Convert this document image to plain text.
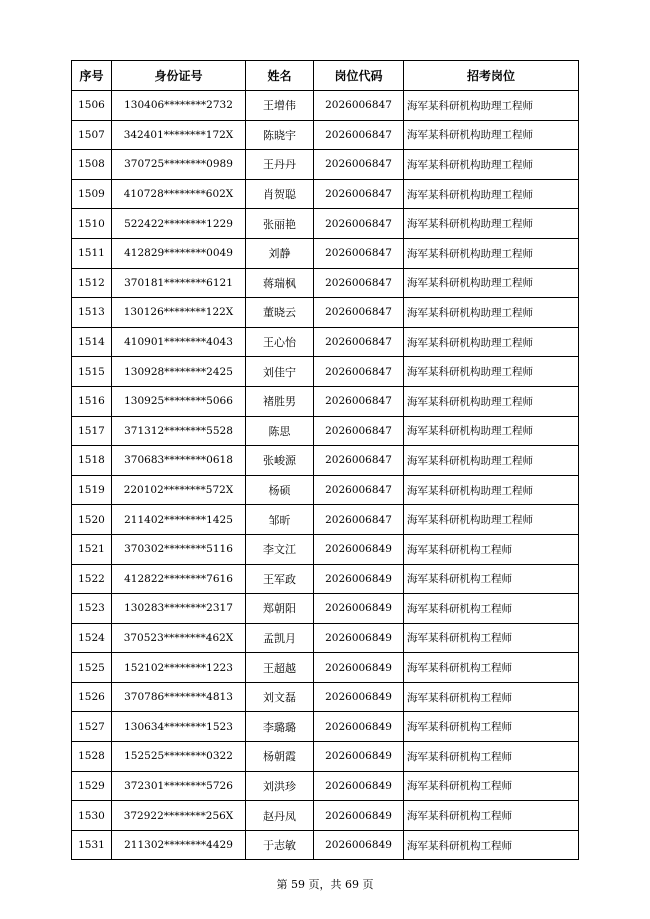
序号	身份证号	姓名	岗位代码	招考岗位
1506	130406********2732	王增伟	2026006847	海军某科研机构助理工程师
1507	342401********172X	陈晓宇	2026006847	海军某科研机构助理工程师
1508	370725********0989	王丹丹	2026006847	海军某科研机构助理工程师
1509	410728********602X	肖贺聪	2026006847	海军某科研机构助理工程师
1510	522422********1229	张丽艳	2026006847	海军某科研机构助理工程师
1511	412829********0049	刘静	2026006847	海军某科研机构助理工程师
1512	370181********6121	蒋瑞枫	2026006847	海军某科研机构助理工程师
1513	130126********122X	董晓云	2026006847	海军某科研机构助理工程师
1514	410901********4043	王心怡	2026006847	海军某科研机构助理工程师
1515	130928********2425	刘佳宁	2026006847	海军某科研机构助理工程师
1516	130925********5066	褚胜男	2026006847	海军某科研机构助理工程师
1517	371312********5528	陈思	2026006847	海军某科研机构助理工程师
1518	370683********0618	张峻源	2026006847	海军某科研机构助理工程师
1519	220102********572X	杨硕	2026006847	海军某科研机构助理工程师
1520	211402********1425	邹昕	2026006847	海军某科研机构助理工程师
1521	370302********5116	李文江	2026006849	海军某科研机构工程师
1522	412822********7616	王军政	2026006849	海军某科研机构工程师
1523	130283********2317	郑朝阳	2026006849	海军某科研机构工程师
1524	370523********462X	孟凯月	2026006849	海军某科研机构工程师
1525	152102********1223	王超越	2026006849	海军某科研机构工程师
1526	370786********4813	刘文磊	2026006849	海军某科研机构工程师
1527	130634********1523	李璐璐	2026006849	海军某科研机构工程师
1528	152525********0322	杨朝霞	2026006849	海军某科研机构工程师
1529	372301********5726	刘洪珍	2026006849	海军某科研机构工程师
1530	372922********256X	赵丹凤	2026006849	海军某科研机构工程师
1531	211302********4429	于志敏	2026006849	海军某科研机构工程师
第 59 页，共 69 页
